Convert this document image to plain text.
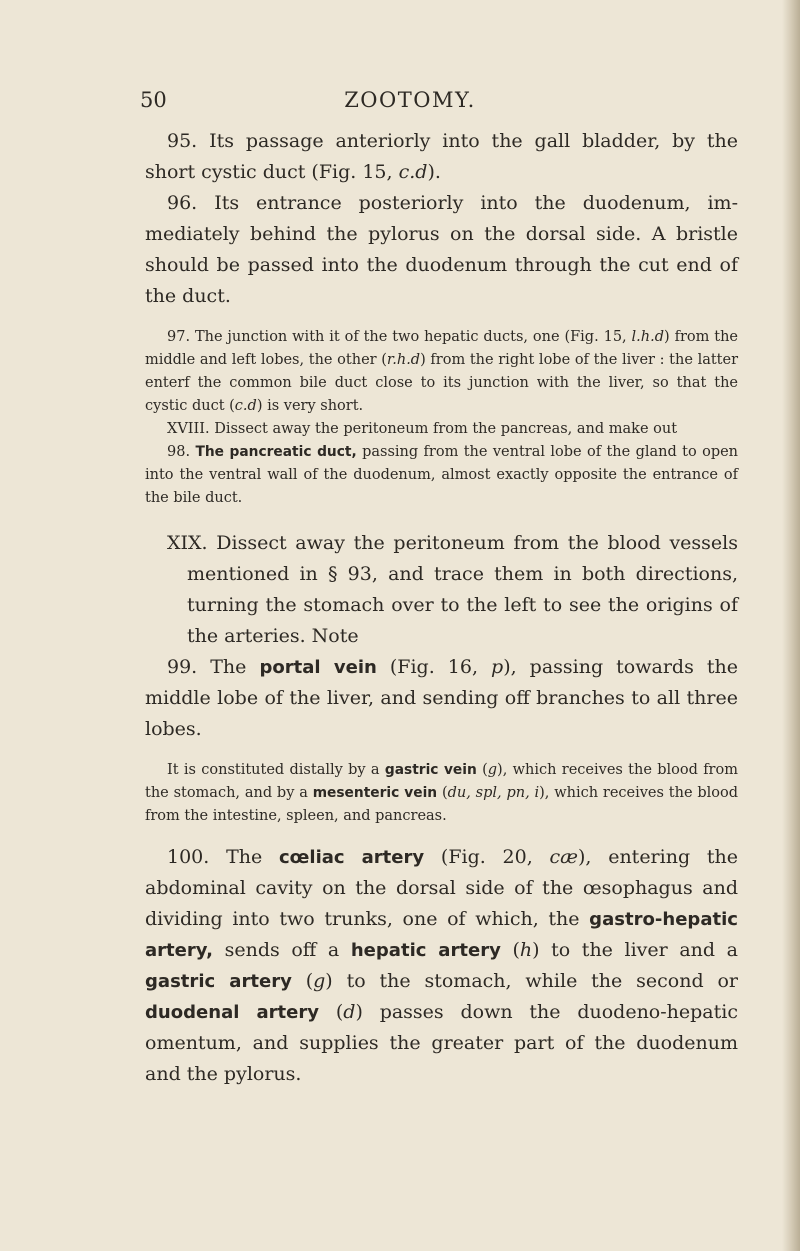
50	ZOOTOMY.

95. Its passage anteriorly into the gall bladder, by the short cystic duct (Fig. 15, c.d).

96. Its entrance posteriorly into the duodenum, im- mediately behind the pylorus on the dorsal side. A bristle should be passed into the duodenum through the cut end of the duct.

97. The junction with it of the two hepatic ducts, one (Fig. 15, l.h.d) from the middle and left lobes, the other (r.h.d) from the right lobe of the liver : the latter enterf the common bile duct close to its junction with the liver, so that the cystic duct (c.d) is very short.

XVIII. Dissect away the peritoneum from the pancreas, and make out

98. The pancreatic duct, passing from the ventral lobe of the gland to open into the ventral wall of the duodenum, almost exactly opposite the entrance of the bile duct.

XIX. Dissect away the peritoneum from the blood vessels mentioned in § 93, and trace them in both directions, turning the stomach over to the left to see the origins of the arteries. Note

99. The portal vein (Fig. 16, p), passing towards the middle lobe of the liver, and sending off branches to all three lobes.

It is constituted distally by a gastric vein (g), which receives the blood from the stomach, and by a mesenteric vein (du, spl, pn, i), which receives the blood from the intestine, spleen, and pancreas.

100. The cœliac artery (Fig. 20, cæ), entering the abdominal cavity on the dorsal side of the œsophagus and dividing into two trunks, one of which, the gastro-hepatic artery, sends off a hepatic artery (h) to the liver and a gastric artery (g) to the stomach, while the second or duodenal artery (d) passes down the duodeno-hepatic omentum, and supplies the greater part of the duodenum and the pylorus.
